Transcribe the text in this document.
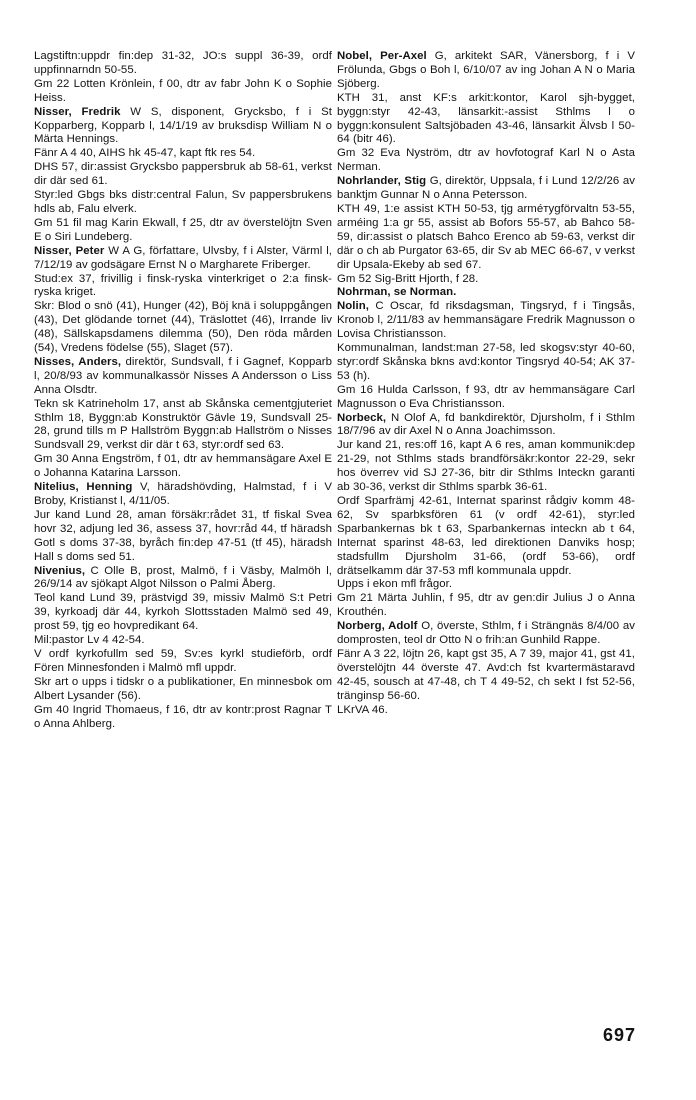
Lagstiftn:uppdr fin:dep 31-32, JO:s suppl 36-39, ordf uppfinnarndn 50-55.

Gm 22 Lotten Krönlein, f 00, dtr av fabr John K o Sophie Heiss.

Nisser, Fredrik W S, disponent, Grycksbo, f i St Kopparberg, Kopparb l, 14/1/19 av bruksdisp William N o Märta Hennings.

Fänr A 4 40, AIHS hk 45-47, kapt ftk res 54.

DHS 57, dir:assist Grycksbo pappersbruk ab 58-61, verkst dir där sed 61.

Styr:led Gbgs bks distr:central Falun, Sv pappersbrukens hdls ab, Falu elverk.

Gm 51 fil mag Karin Ekwall, f 25, dtr av överstelöjtn Sven E o Siri Lundeberg.

Nisser, Peter W A G, författare, Ulvsby, f i Alster, Värml l, 7/12/19 av godsägare Ernst N o Margharete Friberger.

Stud:ex 37, frivillig i finsk-ryska vinterkriget o 2:a finsk-ryska kriget.

Skr: Blod o snö (41), Hunger (42), Böj knä i soluppgången (43), Det glödande tornet (44), Träslottet (46), Irrande liv (48), Sällskapsdamens dilemma (50), Den röda mården (54), Vredens födelse (55), Slaget (57).

Nisses, Anders, direktör, Sundsvall, f i Gagnef, Kopparb l, 20/8/93 av kommunalkassör Nisses A Andersson o Liss Anna Olsdtr.

Tekn sk Katrineholm 17, anst ab Skånska cementgjuteriet Sthlm 18, Byggn:ab Konstruktör Gävle 19, Sundsvall 25-28, grund tills m P Hallström Byggn:ab Hallström o Nisses Sundsvall 29, verkst dir där t 63, styr:ordf sed 63.

Gm 30 Anna Engström, f 01, dtr av hemmansägare Axel E o Johanna Katarina Larsson.

Nitelius, Henning V, häradshövding, Halmstad, f i V Broby, Kristianst l, 4/11/05.

Jur kand Lund 28, aman försäkr:rådet 31, tf fiskal Svea hovr 32, adjung led 36, assess 37, hovr:råd 44, tf häradsh Gotl s doms 37-38, byråch fin:dep 47-51 (tf 45), häradsh Hall s doms sed 51.

Nivenius, C Olle B, prost, Malmö, f i Väsby, Malmöh l, 26/9/14 av sjökapt Algot Nilsson o Palmi Åberg.

Teol kand Lund 39, prästvigd 39, missiv Malmö S:t Petri 39, kyrkoadj där 44, kyrkoh Slottsstaden Malmö sed 49, prost 59, tjg eo hovpredikant 64.

Mil:pastor Lv 4 42-54.

V ordf kyrkofullm sed 59, Sv:es kyrkl studieförb, ordf Fören Minnesfonden i Malmö mfl uppdr.

Skr art o upps i tidskr o a publikationer, En minnesbok om Albert Lysander (56).

Gm 40 Ingrid Thomaeus, f 16, dtr av kontr:prost Ragnar T o Anna Ahlberg.

Nobel, Per-Axel G, arkitekt SAR, Vänersborg, f i V Frölunda, Gbgs o Boh l, 6/10/07 av ing Johan A N o Maria Sjöberg.

KTH 31, anst KF:s arkit:kontor, Karol sjh-bygget, byggn:styr 42-43, länsarkit:-assist Sthlms l o byggn:konsulent Saltsjöbaden 43-46, länsarkit Älvsb l 50-64 (bitr 46).

Gm 32 Eva Nyström, dtr av hovfotograf Karl N o Asta Nerman.

Nohrlander, Stig G, direktör, Uppsala, f i Lund 12/2/26 av banktjm Gunnar N o Anna Petersson.

KTH 49, 1:e assist KTH 50-53, tjg arméтygförvaltn 53-55, arméing 1:a gr 55, assist ab Bofors 55-57, ab Bahco 58-59, dir:assist o platsch Bahco Erenco ab 59-63, verkst dir där o ch ab Purgator 63-65, dir Sv ab MEC 66-67, v verkst dir Upsala-Ekeby ab sed 67.

Gm 52 Sig-Britt Hjorth, f 28.

Nohrman, se Norman.

Nolin, C Oscar, fd riksdagsman, Tingsryd, f i Tingsås, Kronob l, 2/11/83 av hemmansägare Fredrik Magnusson o Lovisa Christiansson.

Kommunalman, landst:man 27-58, led skogsv:styr 40-60, styr:ordf Skånska bkns avd:kontor Tingsryd 40-54; AK 37-53 (h).

Gm 16 Hulda Carlsson, f 93, dtr av hemmansägare Carl Magnusson o Eva Christiansson.

Norbeck, N Olof A, fd bankdirektör, Djursholm, f i Sthlm 18/7/96 av dir Axel N o Anna Joachimsson.

Jur kand 21, res:off 16, kapt A 6 res, aman kommunik:dep 21-29, not Sthlms stads brandförsäkr:kontor 22-29, sekr hos överrev vid SJ 27-36, bitr dir Sthlms Inteckn garanti ab 30-36, verkst dir Sthlms sparbk 36-61.

Ordf Sparfrämj 42-61, Internat sparinst rådgiv komm 48-62, Sv sparbksfören 61 (v ordf 42-61), styr:led Sparbankernas bk t 63, Sparbankernas inteckn ab t 64, Internat sparinst 48-63, led direktionen Danviks hosp; stadsfullm Djursholm 31-66, (ordf 53-66), ordf drätselkamm där 37-53 mfl kommunala uppdr.

Upps i ekon mfl frågor.

Gm 21 Märta Juhlin, f 95, dtr av gen:dir Julius J o Anna Krouthén.

Norberg, Adolf O, överste, Sthlm, f i Strängnäs 8/4/00 av domprosten, teol dr Otto N o frih:an Gunhild Rappe.

Fänr A 3 22, löjtn 26, kapt gst 35, A 7 39, major 41, gst 41, överstelöjtn 44 överste 47. Avd:ch fst kvartermästaravd 42-45, sousch at 47-48, ch T 4 49-52, ch sekt I fst 52-56, tränginsp 56-60.

LKrVA 46.

697
